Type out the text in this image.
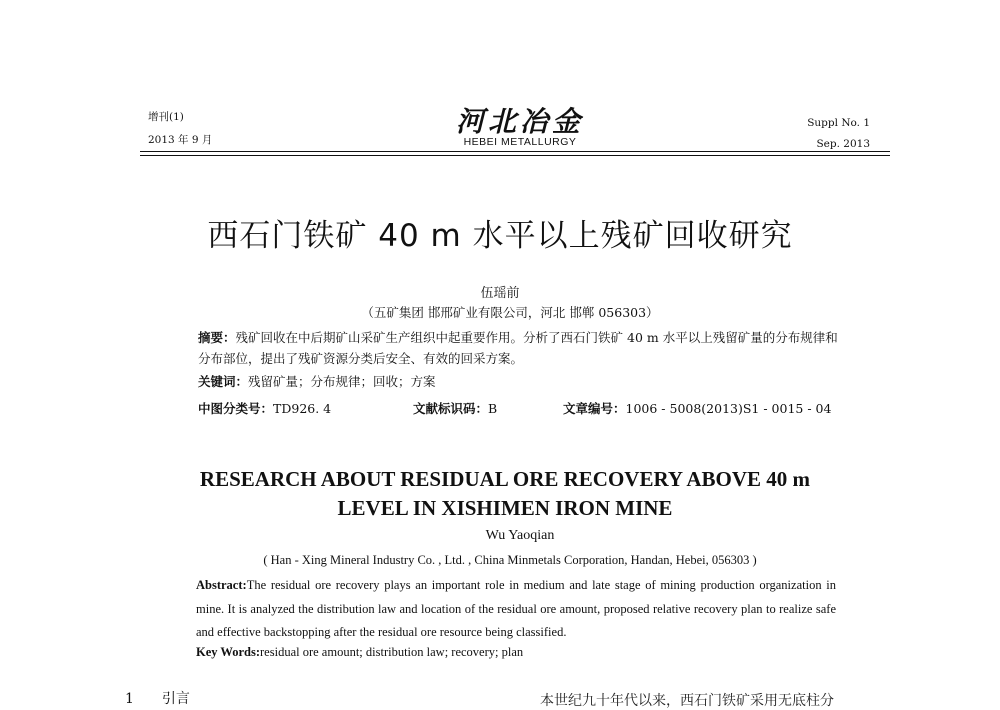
增刊(1)
2013 年 9 月
河北冶金
HEBEI METALLURGY
Suppl No. 1
Sep. 2013
西石门铁矿 40 m 水平以上残矿回收研究
伍瑶前
（五矿集团 邯邢矿业有限公司，河北 邯郸 056303）
摘要：残矿回收在中后期矿山采矿生产组织中起重要作用。分析了西石门铁矿 40 m 水平以上残留矿量的分布规律和分布部位，提出了残矿资源分类后安全、有效的回采方案。
关键词：残留矿量；分布规律；回收；方案
中图分类号：TD926. 4	文献标识码：B	文章编号：1006 - 5008(2013)S1 - 0015 - 04
RESEARCH ABOUT RESIDUAL ORE RECOVERY ABOVE 40 m LEVEL IN XISHIMEN IRON MINE
Wu Yaoqian
( Han - Xing Mineral Industry Co. , Ltd. , China Minmetals Corporation, Handan, Hebei, 056303 )
Abstract:The residual ore recovery plays an important role in medium and late stage of mining production organization in mine. It is analyzed the distribution law and location of the residual ore amount, proposed relative recovery plan to realize safe and effective backstopping after the residual ore resource being classified.
Key Words:residual ore amount; distribution law; recovery; plan
1 引言	本世纪九十年代以来，西石门铁矿采用无底柱分
